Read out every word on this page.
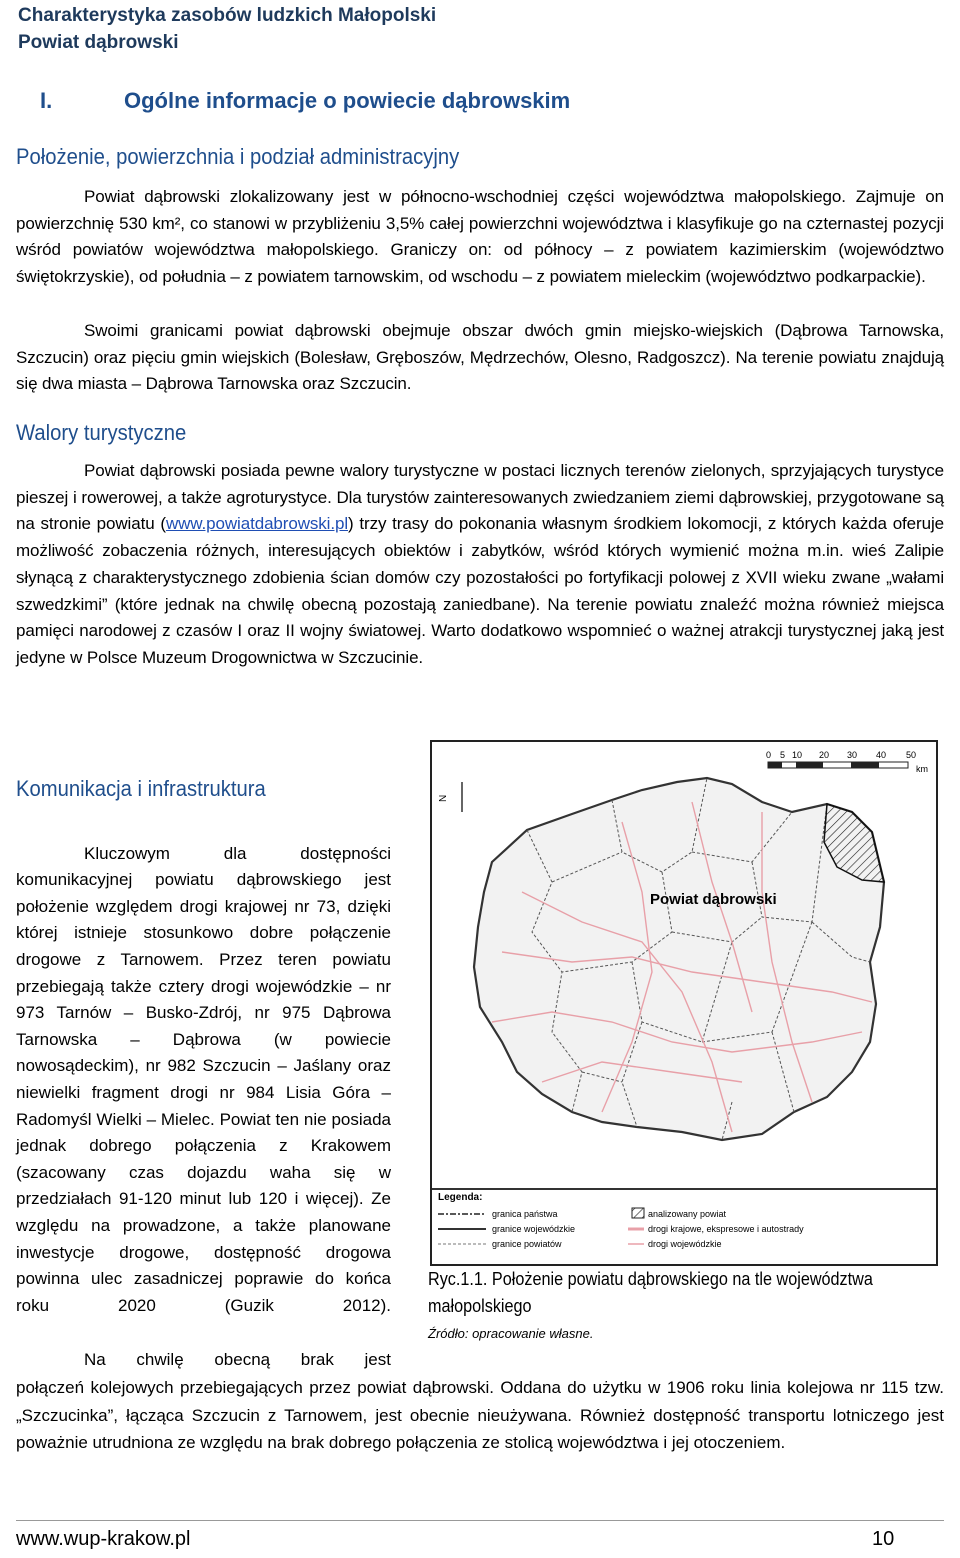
Charakterystyka zasobów ludzkich Małopolski
Powiat dąbrowski
I.	Ogólne informacje o powiecie dąbrowskim
Położenie, powierzchnia i podział administracyjny
Powiat dąbrowski zlokalizowany jest w północno-wschodniej części województwa małopolskiego. Zajmuje on powierzchnię 530 km², co stanowi w przybliżeniu 3,5% całej powierzchni województwa i klasyfikuje go na czternastej pozycji wśród powiatów województwa małopolskiego. Graniczy on: od północy – z powiatem kazimierskim (województwo świętokrzyskie), od południa – z powiatem tarnowskim, od wschodu – z powiatem mieleckim (województwo podkarpackie).
Swoimi granicami powiat dąbrowski obejmuje obszar dwóch gmin miejsko-wiejskich (Dąbrowa Tarnowska, Szczucin) oraz pięciu gmin wiejskich (Bolesław, Gręboszów, Mędrzechów, Olesno, Radgoszcz). Na terenie powiatu znajdują się dwa miasta – Dąbrowa Tarnowska oraz Szczucin.
Walory turystyczne
Powiat dąbrowski posiada pewne walory turystyczne w postaci licznych terenów zielonych, sprzyjających turystyce pieszej i rowerowej, a także agroturystyce. Dla turystów zainteresowanych zwiedzaniem ziemi dąbrowskiej, przygotowane są na stronie powiatu (www.powiatdabrowski.pl) trzy trasy do pokonania własnym środkiem lokomocji, z których każda oferuje możliwość zobaczenia różnych, interesujących obiektów i zabytków, wśród których wymienić można m.in. wieś Zalipie słynącą z charakterystycznego zdobienia ścian domów czy pozostałości po fortyfikacji polowej z XVII wieku zwane „wałami szwedzkimi” (które jednak na chwilę obecną pozostają zaniedbane). Na terenie powiatu znaleźć można również miejsca pamięci narodowej z czasów I oraz II wojny światowej. Warto dodatkowo wspomnieć o ważnej atrakcji turystycznej jaką jest jedyne w Polsce Muzeum Drogownictwa w Szczucinie.
Komunikacja i infrastruktura

Kluczowym dla dostępności komunikacyjnej powiatu dąbrowskiego jest położenie względem drogi krajowej nr 73, dzięki której istnieje stosunkowo dobre połączenie drogowe z Tarnowem. Przez teren powiatu przebiegają także cztery drogi wojewódzkie – nr 973 Tarnów – Busko-Zdrój, nr 975 Dąbrowa Tarnowska – Dąbrowa (w powiecie nowosądeckim), nr 982 Szczucin – Jaślany oraz niewielki fragment drogi nr 984 Lisia Góra – Radomyśl Wielki – Mielec. Powiat ten nie posiada jednak dobrego połączenia z Krakowem (szacowany czas dojazdu waha się w przedziałach 91-120 minut lub 120 i więcej). Ze względu na prowadzone, a także planowane inwestycje drogowe, dostępność drogowa powinna ulec zasadniczej poprawie do końca roku 2020 (Guzik 2012).

Na chwilę obecną brak jest

połączeń kolejowych przebiegających przez powiat dąbrowski. Oddana do użytku w 1906 roku linia kolejowa nr 115 tzw. „Szczucinka”, łącząca Szczucin z Tarnowem, jest obecnie nieużywana. Również dostępność transportu lotniczego jest poważnie utrudniona ze względu na brak dobrego połączenia ze stolicą województwa i jej otoczeniem.
Powiat dąbrowski
N
0 5 10 20 30 40 50
km
Legenda:
granica państwa
granice wojewódzkie
granice powiatów
analizowany powiat
drogi krajowe, ekspresowe i autostrady
drogi wojewódzkie
Ryc.1.1. Położenie powiatu dąbrowskiego na tle województwa małopolskiego
Źródło: opracowanie własne.
www.wup-krakow.pl	10
